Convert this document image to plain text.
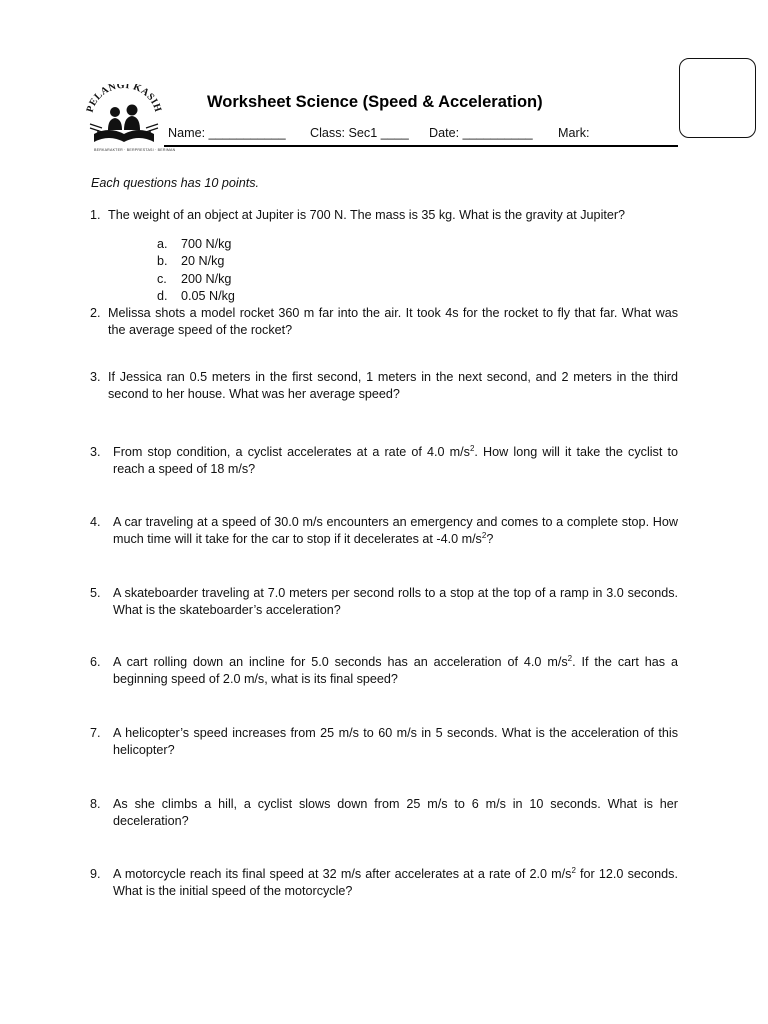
PELANGI KASIH
BERKARAKTER · BERPRESTASI · BERIMAN
Worksheet Science (Speed & Acceleration)
Name: ___________ Class: Sec1 ____ Date: __________ Mark:
Each questions has 10 points.
1. The weight of an object at Jupiter is 700 N. The mass is 35 kg. What is the gravity at Jupiter?
a. 700 N/kg
b. 20 N/kg
c. 200 N/kg
d. 0.05 N/kg
2. Melissa shots a model rocket 360 m far into the air. It took 4s for the rocket to fly that far. What was the average speed of the rocket?
3. If Jessica ran 0.5 meters in the first second, 1 meters in the next second, and 2 meters in the third second to her house. What was her average speed?
3. From stop condition, a cyclist accelerates at a rate of 4.0 $m/s^2$. How long will it take the cyclist to reach a speed of 18 m/s?
4. A car traveling at a speed of 30.0 m/s encounters an emergency and comes to a complete stop. How much time will it take for the car to stop if it decelerates at -4.0 $m/s^2$?
5. A skateboarder traveling at 7.0 meters per second rolls to a stop at the top of a ramp in 3.0 seconds. What is the skateboarder’s acceleration?
6. A cart rolling down an incline for 5.0 seconds has an acceleration of 4.0 $m/s^2$. If the cart has a beginning speed of 2.0 m/s, what is its final speed?
7. A helicopter’s speed increases from 25 m/s to 60 m/s in 5 seconds. What is the acceleration of this helicopter?
8. As she climbs a hill, a cyclist slows down from 25 m/s to 6 m/s in 10 seconds. What is her deceleration?
9. A motorcycle reach its final speed at 32 m/s after accelerates at a rate of 2.0 $m/s^2$ for 12.0 seconds. What is the initial speed of the motorcycle?
